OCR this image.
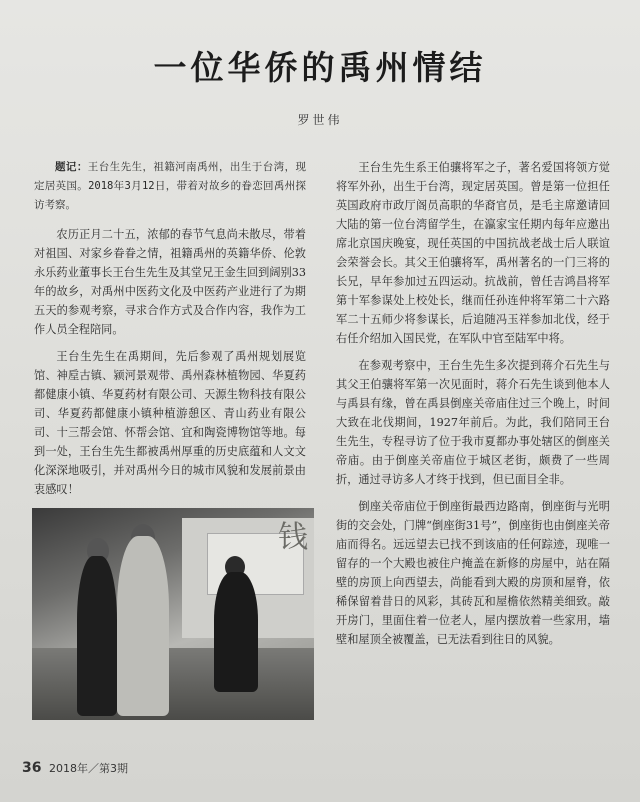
一位华侨的禹州情结
罗世伟

题记：王台生先生，祖籍河南禹州，出生于台湾，现定居英国。2018年3月12日，带着对故乡的眷恋回禹州探访考察。

农历正月二十五，浓郁的春节气息尚未散尽，带着对祖国、对家乡眷眷之情，祖籍禹州的英籍华侨、伦敦永乐药业董事长王台生先生及其堂兄王金生回到阔别33年的故乡，对禹州中医药文化及中医药产业进行了为期五天的参观考察，寻求合作方式及合作内容，我作为工作人员全程陪同。

王台生先生在禹期间，先后参观了禹州规划展览馆、神垕古镇、颍河景观带、禹州森林植物园、华夏药都健康小镇、华夏药材有限公司、天源生物科技有限公司、华夏药都健康小镇种植游憩区、青山药业有限公司、十三帮会馆、怀帮会馆、宜和陶瓷博物馆等地。每到一处，王台生先生都被禹州厚重的历史底蕴和人文文化深深地吸引，并对禹州今日的城市风貌和发展前景由衷感叹！

钱

王台生先生系王伯骧将军之子，著名爱国将领方觉将军外孙，出生于台湾，现定居英国。曾是第一位担任英国政府市政厅阁员高职的华裔官员，是毛主席邀请回大陆的第一位台湾留学生，在瀛家宝任期内每年应邀出席北京国庆晚宴，现任英国的中国抗战老战士后人联谊会荣誉会长。其父王伯骧将军，禹州著名的一门三将的长兄，早年参加过五四运动。抗战前，曾任吉鸿昌将军第十军参谋处上校处长，继而任孙连仲将军第二十六路军二十五师少将参谋长，后追随冯玉祥参加北伐，经于右任介绍加入国民党，在军队中官至陆军中将。

在参观考察中，王台生先生多次提到蒋介石先生与其父王伯骧将军第一次见面时，蒋介石先生谈到他本人与禹县有缘，曾在禹县倒座关帝庙住过三个晚上，时间大致在北伐期间，1927年前后。为此，我们陪同王台生先生，专程寻访了位于我市夏都办事处辖区的倒座关帝庙。由于倒座关帝庙位于城区老街，颇费了一些周折，通过寻访多人才终于找到，但已面目全非。

倒座关帝庙位于倒座街最西边路南，倒座街与光明街的交会处，门牌“倒座街31号”，倒座街也由倒座关帝庙而得名。远远望去已找不到该庙的任何踪迹，现唯一留存的一个大殿也被住户掩盖在新修的房屋中，站在隔壁的房顶上向西望去，尚能看到大殿的房顶和屋脊，依稀保留着昔日的风彩，其砖瓦和屋檐依然精美细致。敲开房门，里面住着一位老人，屋内摆放着一些家用，墙壁和屋顶全被覆盖，已无法看到往日的风貌。

36 2018年／第3期
